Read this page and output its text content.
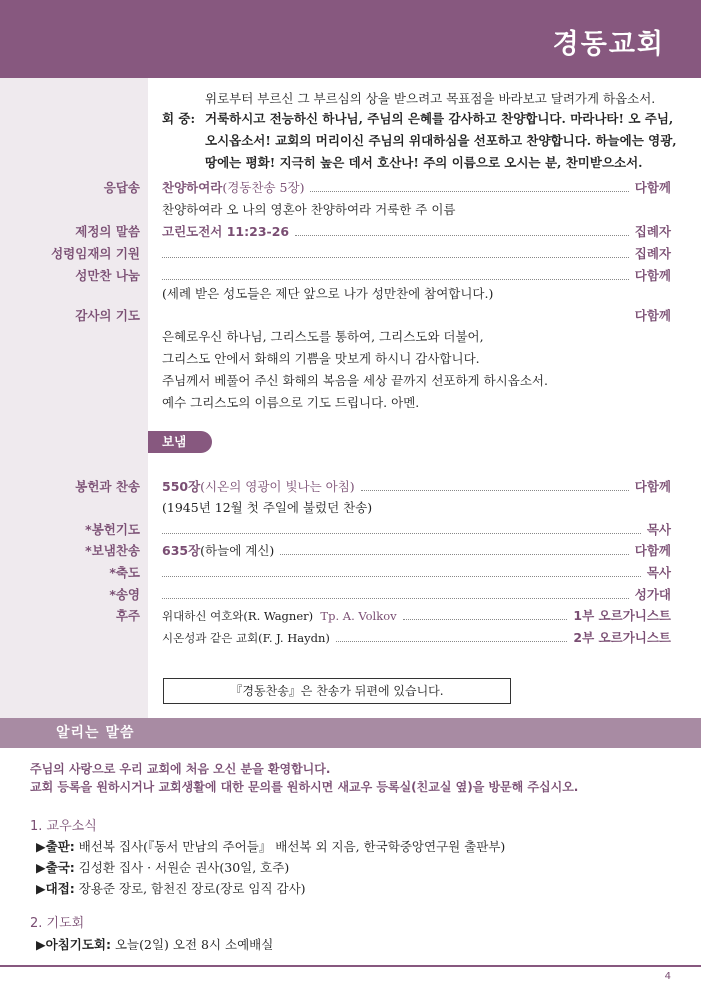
경동교회
위로부터 부르신 그 부르심의 상을 받으려고 목표점을 바라보고 달려가게 하옵소서.
회 중: 거룩하시고 전능하신 하나님, 주님의 은혜를 감사하고 찬양합니다. 마라나타! 오 주님,
오시옵소서! 교회의 머리이신 주님의 위대하심을 선포하고 찬양합니다. 하늘에는 영광,
땅에는 평화! 지극히 높은 데서 호산나! 주의 이름으로 오시는 분, 찬미받으소서.
응답송 찬양하여라(경동찬송 5장)	다함께
찬양하여라 오 나의 영혼아 찬양하여라 거룩한 주 이름
제정의 말씀 고린도전서 11:23-26	집례자
성령임재의 기원	집례자
성만찬 나눔	다함께
(세례 받은 성도들은 제단 앞으로 나가 성만찬에 참여합니다.)
감사의 기도	다함께
은혜로우신 하나님, 그리스도를 통하여, 그리스도와 더불어,
그리스도 안에서 화해의 기쁨을 맛보게 하시니 감사합니다.
주님께서 베풀어 주신 화해의 복음을 세상 끝까지 선포하게 하시옵소서.
예수 그리스도의 이름으로 기도 드립니다. 아멘.
보냄
봉헌과 찬송 550장(시온의 영광이 빛나는 아침)	다함께
(1945년 12월 첫 주일에 불렀던 찬송)
*봉헌기도	목사
*보냄찬송 635장(하늘에 계신)	다함께
*축도	목사
*송영	성가대
후주 위대하신 여호와(R. Wagner) Tp. A. Volkov	1부 오르가니스트
시온성과 같은 교회(F. J. Haydn)	2부 오르가니스트
『경동찬송』은 찬송가 뒤편에 있습니다.
알리는 말씀
주님의 사랑으로 우리 교회에 처음 오신 분을 환영합니다.
교회 등록을 원하시거나 교회생활에 대한 문의를 원하시면 새교우 등록실(친교실 옆)을 방문해 주십시오.
1. 교우소식
▶출판: 배선복 집사(『동서 만남의 주어들』 배선복 외 지음, 한국학중앙연구원 출판부)
▶출국: 김성환 집사 · 서원순 권사(30일, 호주)
▶대접: 장용준 장로, 함천진 장로(장로 임직 감사)
2. 기도회
▶아침기도회: 오늘(2일) 오전 8시 소예배실
4
